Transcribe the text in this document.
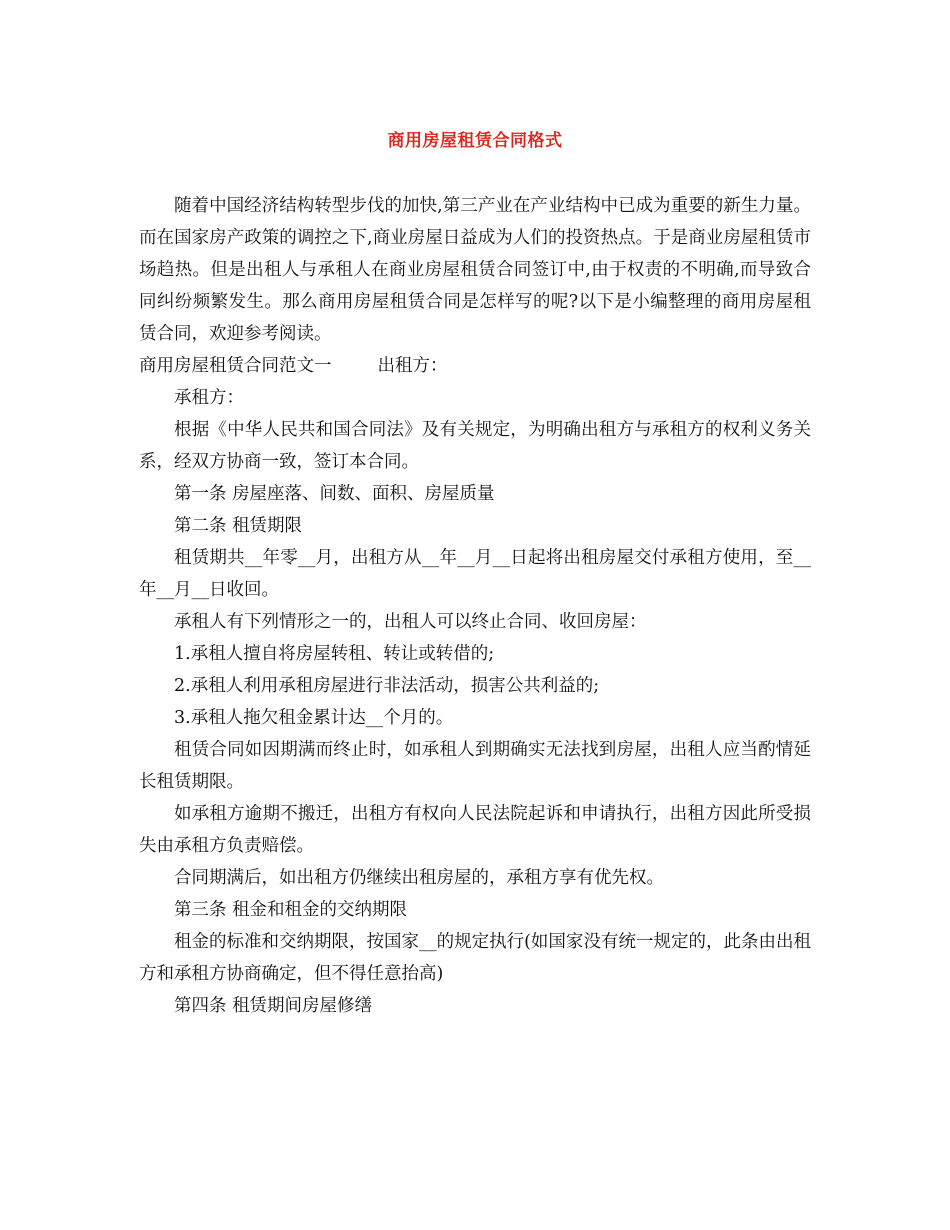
商用房屋租赁合同格式

随着中国经济结构转型步伐的加快,第三产业在产业结构中已成为重要的新生力量。而在国家房产政策的调控之下,商业房屋日益成为人们的投资热点。于是商业房屋租赁市场趋热。但是出租人与承租人在商业房屋租赁合同签订中,由于权责的不明确,而导致合同纠纷频繁发生。那么商用房屋租赁合同是怎样写的呢?以下是小编整理的商用房屋租赁合同，欢迎参考阅读。

商用房屋租赁合同范文一	出租方：

承租方：

根据《中华人民共和国合同法》及有关规定，为明确出租方与承租方的权利义务关系，经双方协商一致，签订本合同。

第一条 房屋座落、间数、面积、房屋质量

第二条 租赁期限

租赁期共__年零__月，出租方从__年__月__日起将出租房屋交付承租方使用，至__年__月__日收回。

承租人有下列情形之一的，出租人可以终止合同、收回房屋：

1.承租人擅自将房屋转租、转让或转借的;

2.承租人利用承租房屋进行非法活动，损害公共利益的;

3.承租人拖欠租金累计达__个月的。

租赁合同如因期满而终止时，如承租人到期确实无法找到房屋，出租人应当酌情延长租赁期限。

如承租方逾期不搬迁，出租方有权向人民法院起诉和申请执行，出租方因此所受损失由承租方负责赔偿。

合同期满后，如出租方仍继续出租房屋的，承租方享有优先权。

第三条 租金和租金的交纳期限

租金的标准和交纳期限，按国家__的规定执行(如国家没有统一规定的，此条由出租方和承租方协商确定，但不得任意抬高)

第四条 租赁期间房屋修缮
